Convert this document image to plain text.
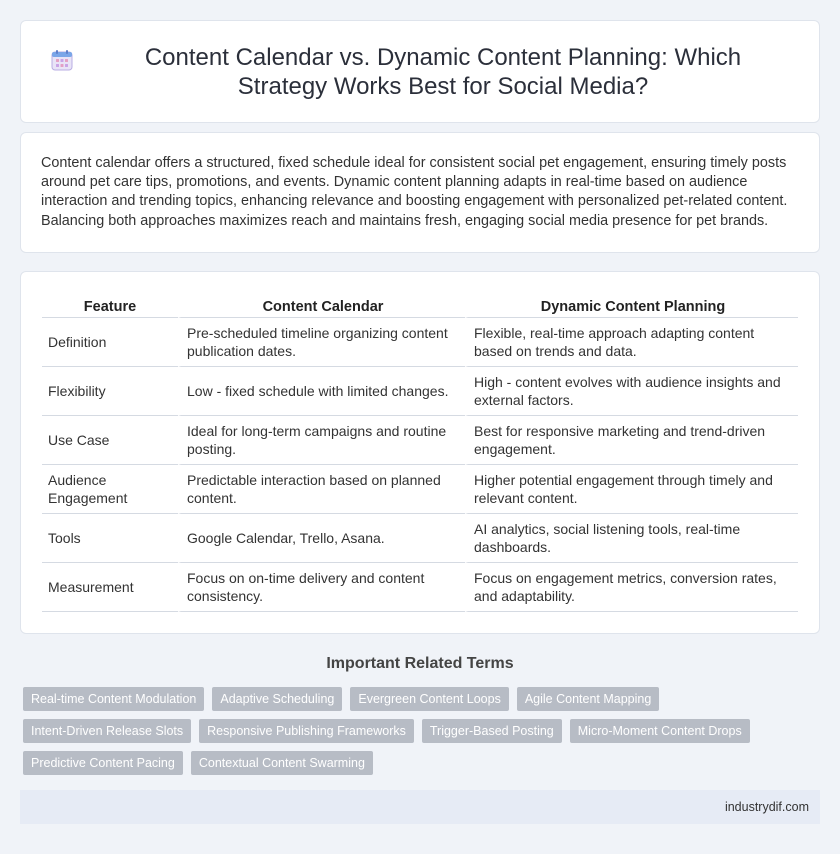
Content Calendar vs. Dynamic Content Planning: Which Strategy Works Best for Social Media?

Content calendar offers a structured, fixed schedule ideal for consistent social pet engagement, ensuring timely posts around pet care tips, promotions, and events. Dynamic content planning adapts in real-time based on audience interaction and trending topics, enhancing relevance and boosting engagement with personalized pet-related content. Balancing both approaches maximizes reach and maintains fresh, engaging social media presence for pet brands.

Feature	Content Calendar	Dynamic Content Planning
Definition	Pre-scheduled timeline organizing content publication dates.	Flexible, real-time approach adapting content based on trends and data.
Flexibility	Low - fixed schedule with limited changes.	High - content evolves with audience insights and external factors.
Use Case	Ideal for long-term campaigns and routine posting.	Best for responsive marketing and trend-driven engagement.
Audience Engagement	Predictable interaction based on planned content.	Higher potential engagement through timely and relevant content.
Tools	Google Calendar, Trello, Asana.	AI analytics, social listening tools, real-time dashboards.
Measurement	Focus on on-time delivery and content consistency.	Focus on engagement metrics, conversion rates, and adaptability.
Important Related Terms
Real-time Content Modulation	Adaptive Scheduling	Evergreen Content Loops	Agile Content Mapping
Intent-Driven Release Slots	Responsive Publishing Frameworks	Trigger-Based Posting	Micro-Moment Content Drops
Predictive Content Pacing	Contextual Content Swarming
industrydif.com
